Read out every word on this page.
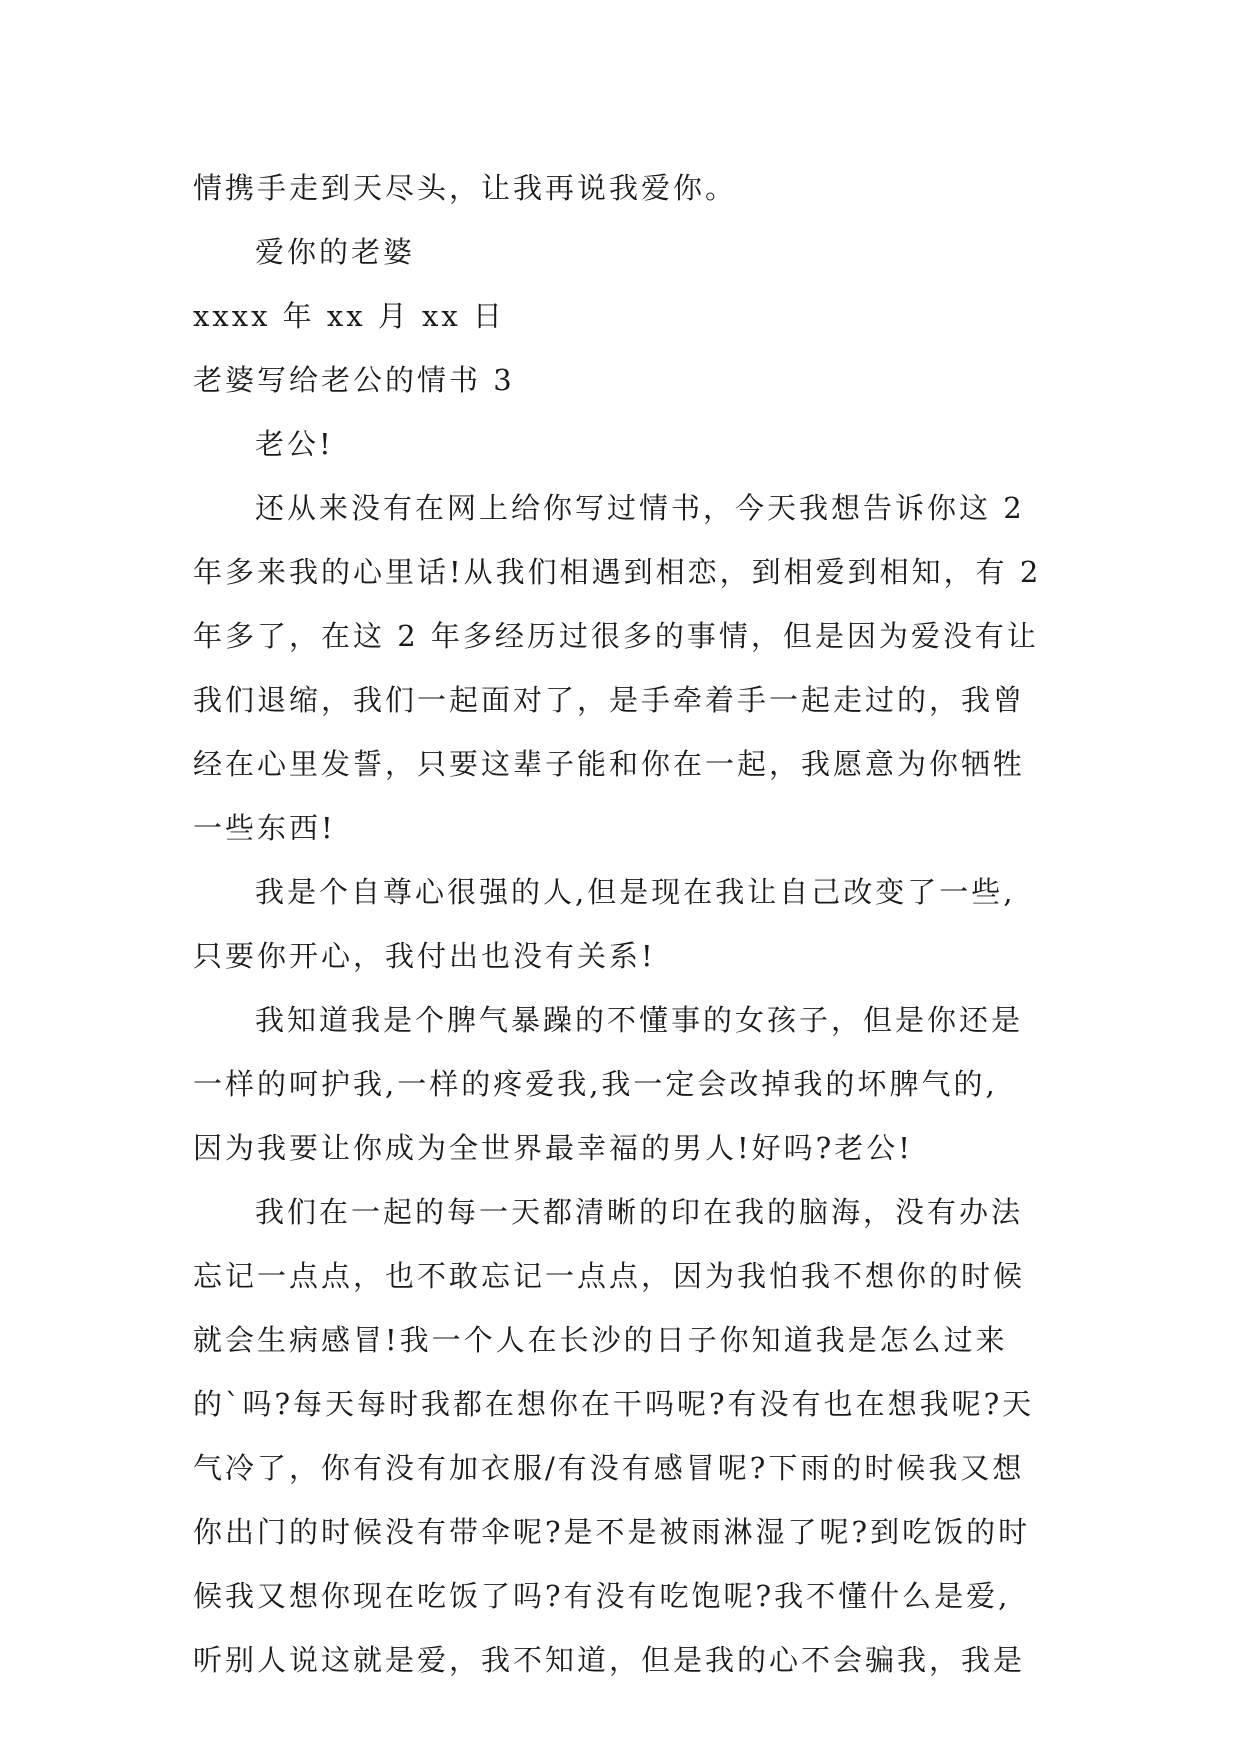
情携手走到天尽头，让我再说我爱你。
爱你的老婆
xxxx 年 xx 月 xx 日
老婆写给老公的情书 3
老公!
还从来没有在网上给你写过情书，今天我想告诉你这 2
年多来我的心里话!从我们相遇到相恋，到相爱到相知，有 2
年多了，在这 2 年多经历过很多的事情，但是因为爱没有让
我们退缩，我们一起面对了，是手牵着手一起走过的，我曾
经在心里发誓，只要这辈子能和你在一起，我愿意为你牺牲
一些东西!
我是个自尊心很强的人,但是现在我让自己改变了一些,
只要你开心，我付出也没有关系!
我知道我是个脾气暴躁的不懂事的女孩子，但是你还是
一样的呵护我,一样的疼爱我,我一定会改掉我的坏脾气的,
因为我要让你成为全世界最幸福的男人!好吗?老公!
我们在一起的每一天都清晰的印在我的脑海，没有办法
忘记一点点，也不敢忘记一点点，因为我怕我不想你的时候
就会生病感冒!我一个人在长沙的日子你知道我是怎么过来
的`吗?每天每时我都在想你在干吗呢?有没有也在想我呢?天
气冷了，你有没有加衣服/有没有感冒呢?下雨的时候我又想
你出门的时候没有带伞呢?是不是被雨淋湿了呢?到吃饭的时
候我又想你现在吃饭了吗?有没有吃饱呢?我不懂什么是爱,
听别人说这就是爱，我不知道，但是我的心不会骗我，我是
